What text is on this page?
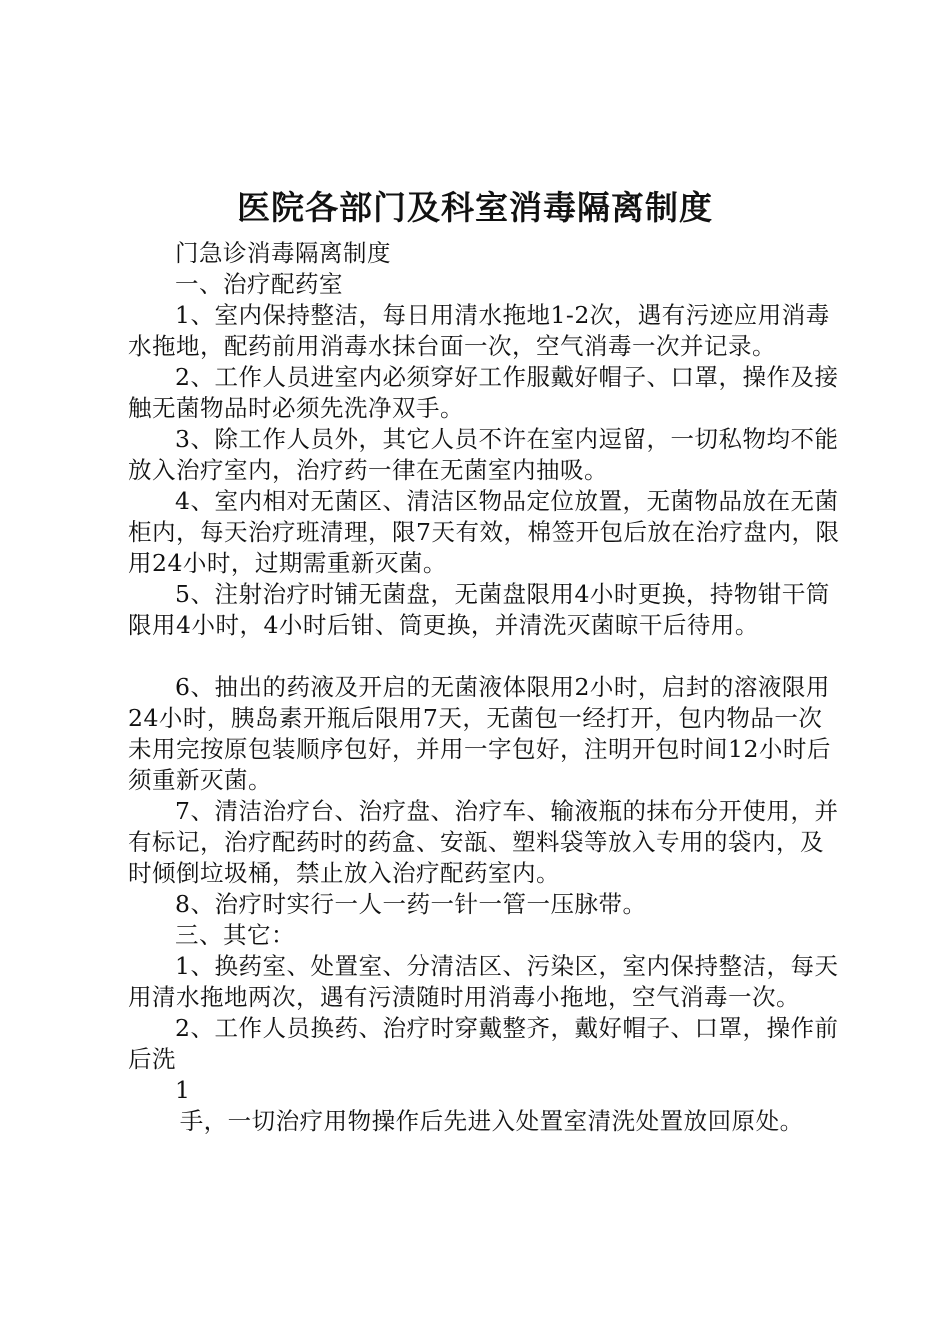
医院各部门及科室消毒隔离制度

门急诊消毒隔离制度

一、治疗配药室

1、室内保持整洁，每日用清水拖地1-2次，遇有污迹应用消毒水拖地，配药前用消毒水抹台面一次，空气消毒一次并记录。

2、工作人员进室内必须穿好工作服戴好帽子、口罩，操作及接触无菌物品时必须先洗净双手。

3、除工作人员外，其它人员不许在室内逗留，一切私物均不能放入治疗室内，治疗药一律在无菌室内抽吸。

4、室内相对无菌区、清洁区物品定位放置，无菌物品放在无菌柜内，每天治疗班清理，限7天有效，棉签开包后放在治疗盘内，限用24小时，过期需重新灭菌。

5、注射治疗时铺无菌盘，无菌盘限用4小时更换，持物钳干筒限用4小时，4小时后钳、筒更换，并清洗灭菌晾干后待用。

6、抽出的药液及开启的无菌液体限用2小时，启封的溶液限用24小时，胰岛素开瓶后限用7天，无菌包一经打开，包内物品一次未用完按原包装顺序包好，并用一字包好，注明开包时间12小时后须重新灭菌。

7、清洁治疗台、治疗盘、治疗车、输液瓶的抹布分开使用，并有标记，治疗配药时的药盒、安瓿、塑料袋等放入专用的袋内，及时倾倒垃圾桶，禁止放入治疗配药室内。

8、治疗时实行一人一药一针一管一压脉带。

三、其它：

1、换药室、处置室、分清洁区、污染区，室内保持整洁，每天用清水拖地两次，遇有污渍随时用消毒小拖地，空气消毒一次。

2、工作人员换药、治疗时穿戴整齐，戴好帽子、口罩，操作前后洗

1

手，一切治疗用物操作后先进入处置室清洗处置放回原处。
